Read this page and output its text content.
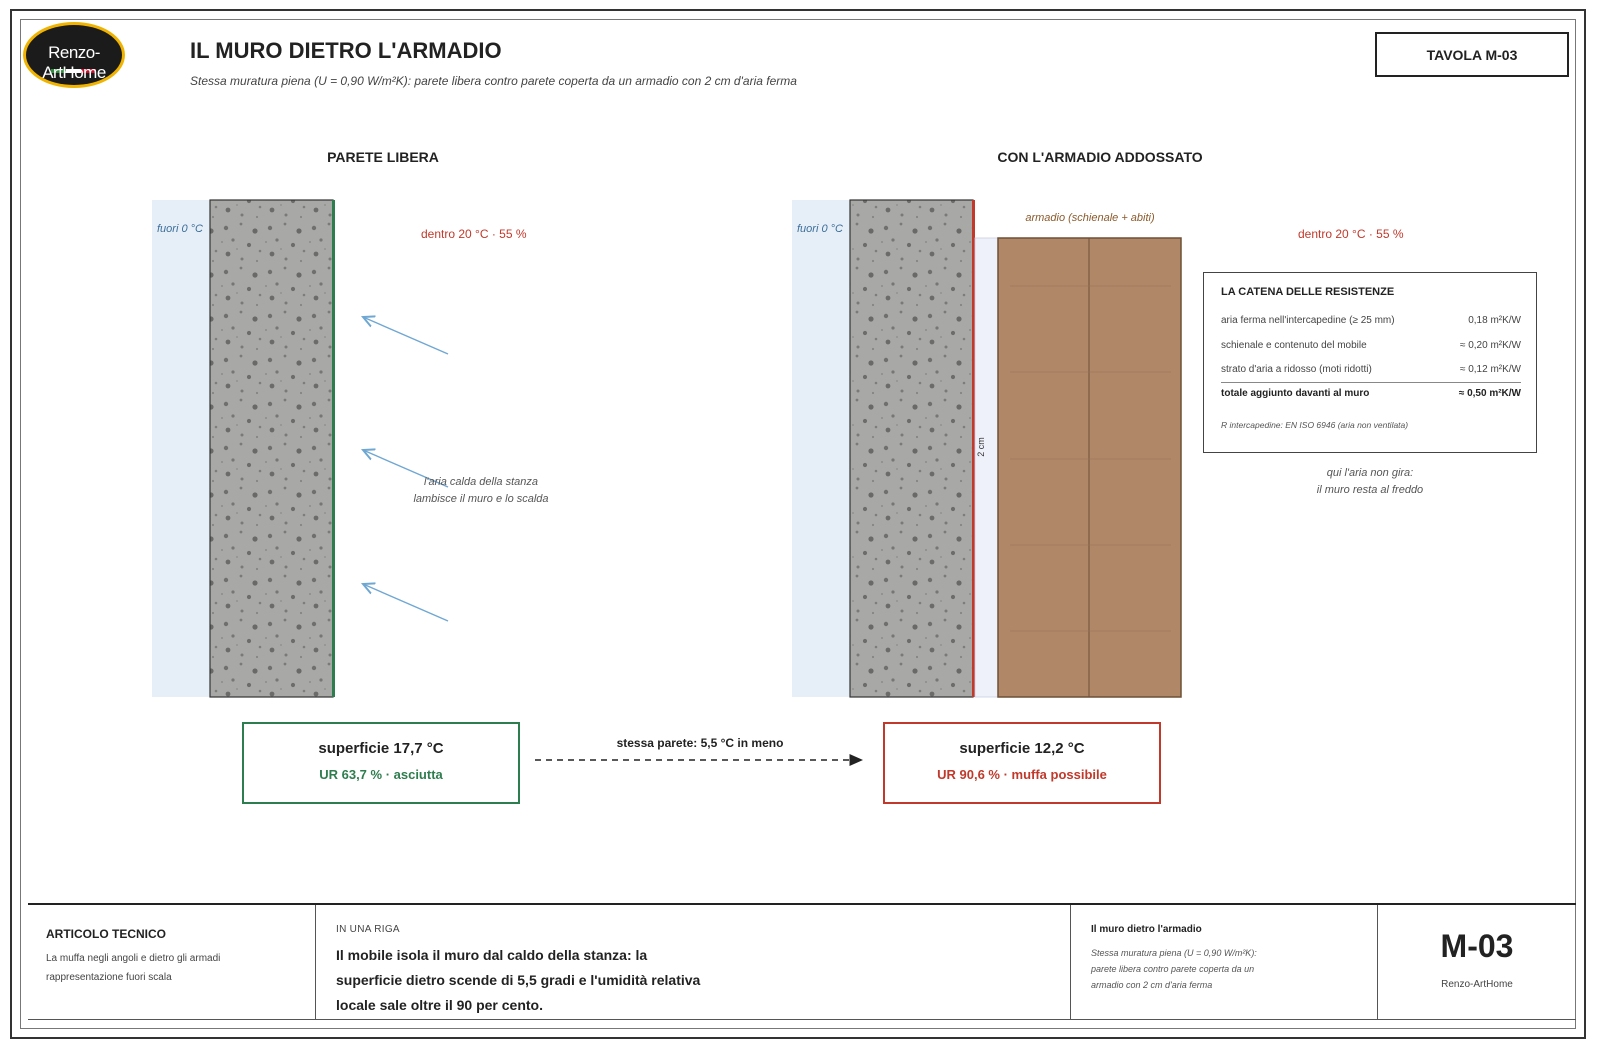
Renzo-ArtHome
IL MURO DIETRO L'ARMADIO
Stessa muratura piena (U = 0,90 W/m²K): parete libera contro parete coperta da un armadio con 2 cm d'aria ferma
TAVOLA M-03
PARETE LIBERA	CON L'ARMADIO ADDOSSATO
fuori 0 °C	dentro 20 °C · 55 %
l'aria calda della stanza
lambisce il muro e lo scalda
fuori 0 °C
armadio (schienale + abiti)
2 cm
dentro 20 °C · 55 %
qui l'aria non gira:
il muro resta al freddo
LA CATENA DELLE RESISTENZE
aria ferma nell'intercapedine (≥ 25 mm)	0,18 m²K/W
schienale e contenuto del mobile	≈ 0,20 m²K/W
strato d'aria a ridosso (moti ridotti)	≈ 0,12 m²K/W
totale aggiunto davanti al muro	≈ 0,50 m²K/W
R intercapedine: EN ISO 6946 (aria non ventilata)
superficie 17,7 °C
UR 63,7 % · asciutta
stessa parete: 5,5 °C in meno	superficie 12,2 °C
UR 90,6 % · muffa possibile
ARTICOLO TECNICO
La muffa negli angoli e dietro gli armadi
rappresentazione fuori scala
IN UNA RIGA
Il mobile isola il muro dal caldo della stanza: la
superficie dietro scende di 5,5 gradi e l'umidità relativa
locale sale oltre il 90 per cento.
Il muro dietro l'armadio
Stessa muratura piena (U = 0,90 W/m²K):
parete libera contro parete coperta da un
armadio con 2 cm d'aria ferma
M-03
Renzo-ArtHome
